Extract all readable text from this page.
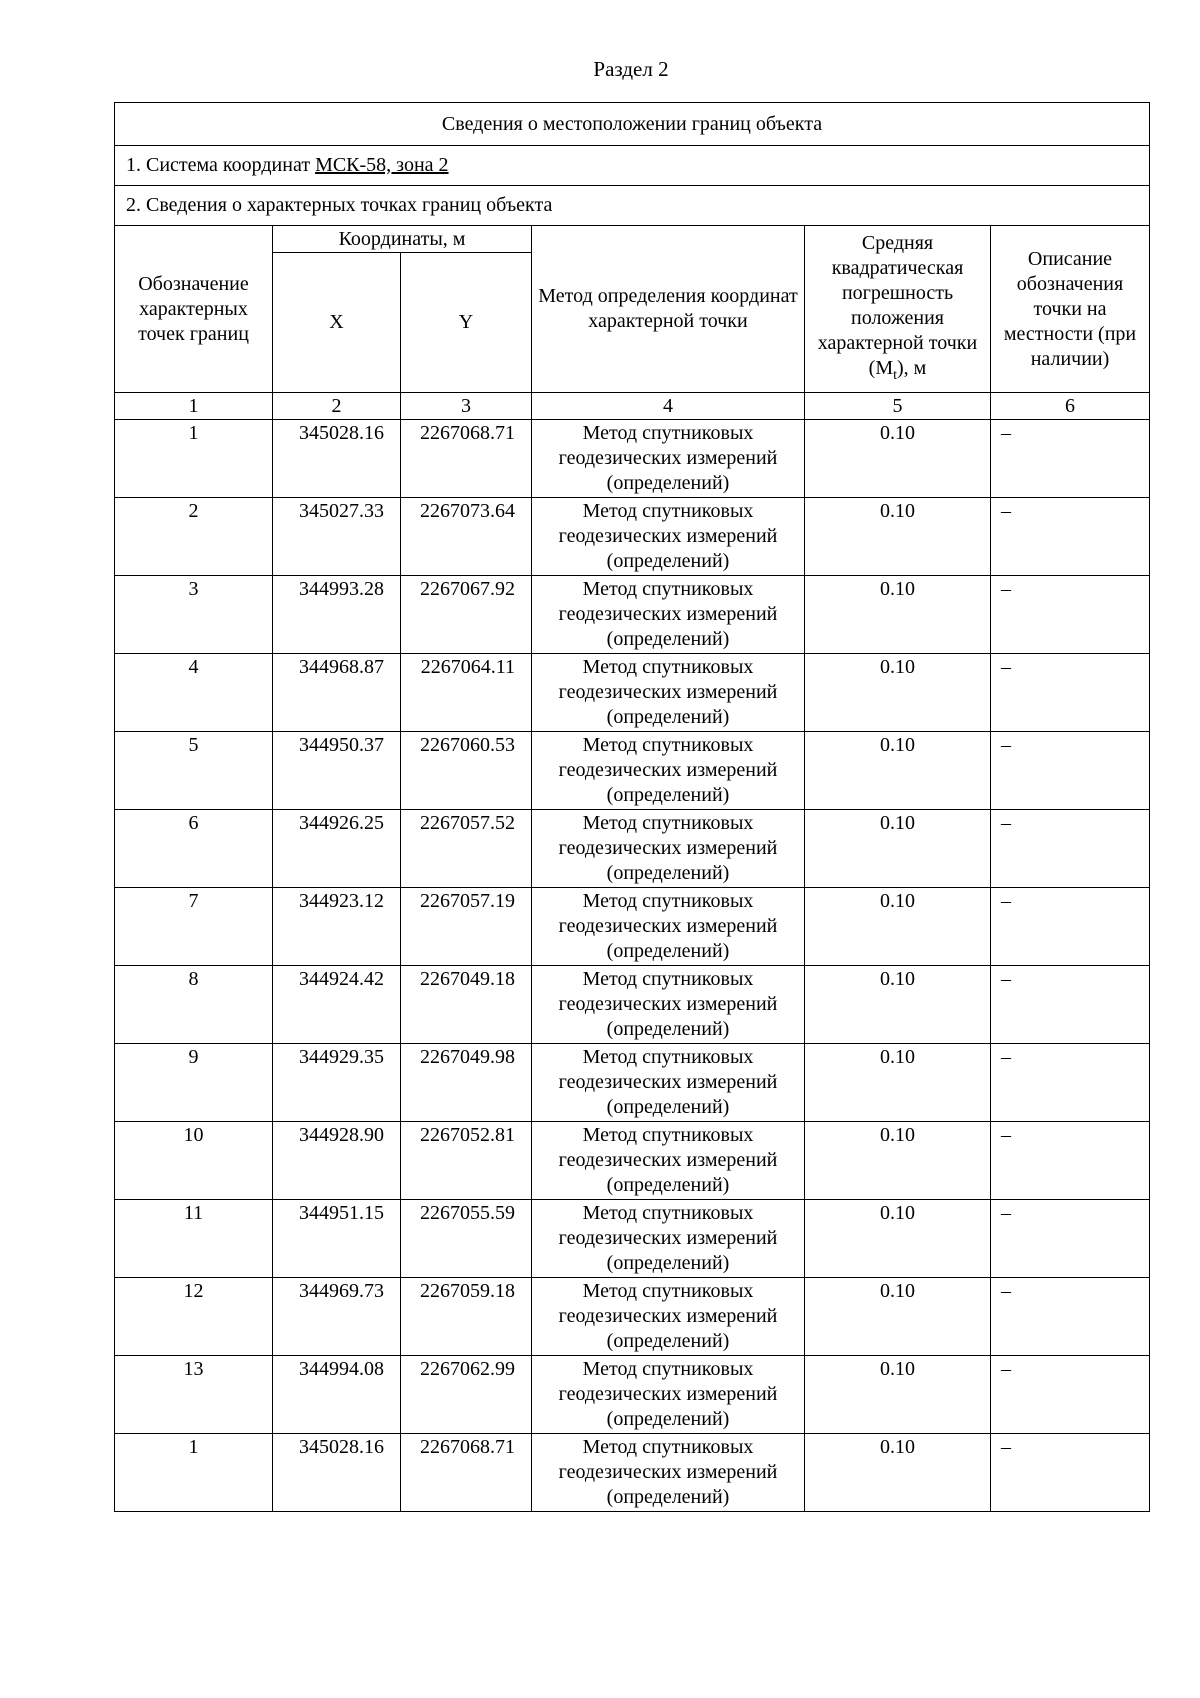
Раздел 2
Сведения о местоположении границ объекта					
1. Система координат МСК-58, зона 2					
2. Сведения о характерных точках границ объекта					
Обозначение характерных точек границ	Координаты, м		Метод определения координат характерной точки	Средняя квадратическая погрешность положения характерной точки $(M_t)$, м	Описание обозначения точки на местности (при наличии)
	X	Y			
1	2	3	4	5	6
1	345028.16	2267068.71	Метод спутниковых геодезических измерений (определений)	0.10	–
2	345027.33	2267073.64	Метод спутниковых геодезических измерений (определений)	0.10	–
3	344993.28	2267067.92	Метод спутниковых геодезических измерений (определений)	0.10	–
4	344968.87	2267064.11	Метод спутниковых геодезических измерений (определений)	0.10	–
5	344950.37	2267060.53	Метод спутниковых геодезических измерений (определений)	0.10	–
6	344926.25	2267057.52	Метод спутниковых геодезических измерений (определений)	0.10	–
7	344923.12	2267057.19	Метод спутниковых геодезических измерений (определений)	0.10	–
8	344924.42	2267049.18	Метод спутниковых геодезических измерений (определений)	0.10	–
9	344929.35	2267049.98	Метод спутниковых геодезических измерений (определений)	0.10	–
10	344928.90	2267052.81	Метод спутниковых геодезических измерений (определений)	0.10	–
11	344951.15	2267055.59	Метод спутниковых геодезических измерений (определений)	0.10	–
12	344969.73	2267059.18	Метод спутниковых геодезических измерений (определений)	0.10	–
13	344994.08	2267062.99	Метод спутниковых геодезических измерений (определений)	0.10	–
1	345028.16	2267068.71	Метод спутниковых геодезических измерений (определений)	0.10	–
